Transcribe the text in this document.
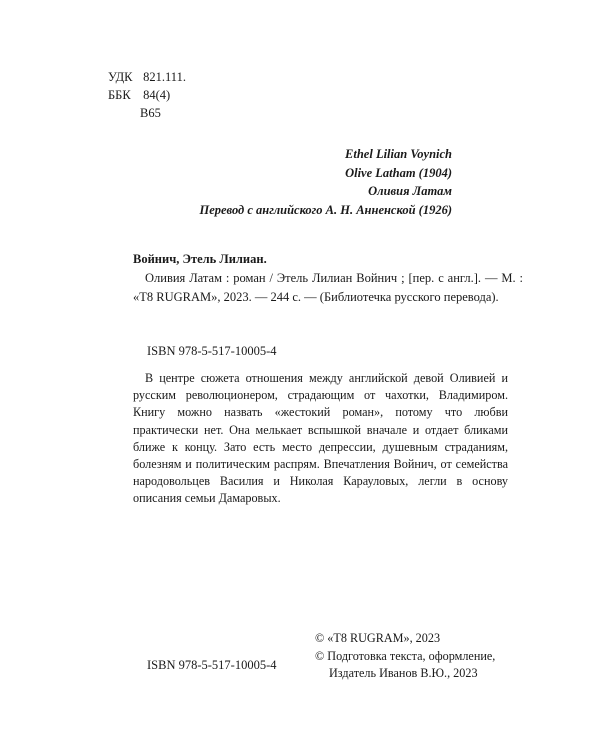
УДК 821.111.
ББК 84(4)
В65
Ethel Lilian Voynich
Olive Latham (1904)
Оливия Латам
Перевод с английского А. Н. Анненской (1926)
Войнич, Этель Лилиан.
Оливия Латам : роман / Этель Лилиан Войнич ; [пер. с англ.]. — М. : «Т8 RUGRAM», 2023. — 244 с. — (Библиотечка русского перевода).
ISBN 978-5-517-10005-4
В центре сюжета отношения между английской девой Оливией и русским революционером, страдающим от чахотки, Владимиром. Книгу можно назвать «жестокий роман», потому что любви практически нет. Она мелькает вспышкой вначале и отдает бликами ближе к концу. Зато есть место депрессии, душевным страданиям, болезням и политическим распрям. Впечатления Войнич, от семейства народовольцев Василия и Николая Карауловых, легли в основу описания семьи Дамаровых.
© «Т8 RUGRAM», 2023
© Подготовка текста, оформление,
Издатель Иванов В.Ю., 2023
ISBN 978-5-517-10005-4
